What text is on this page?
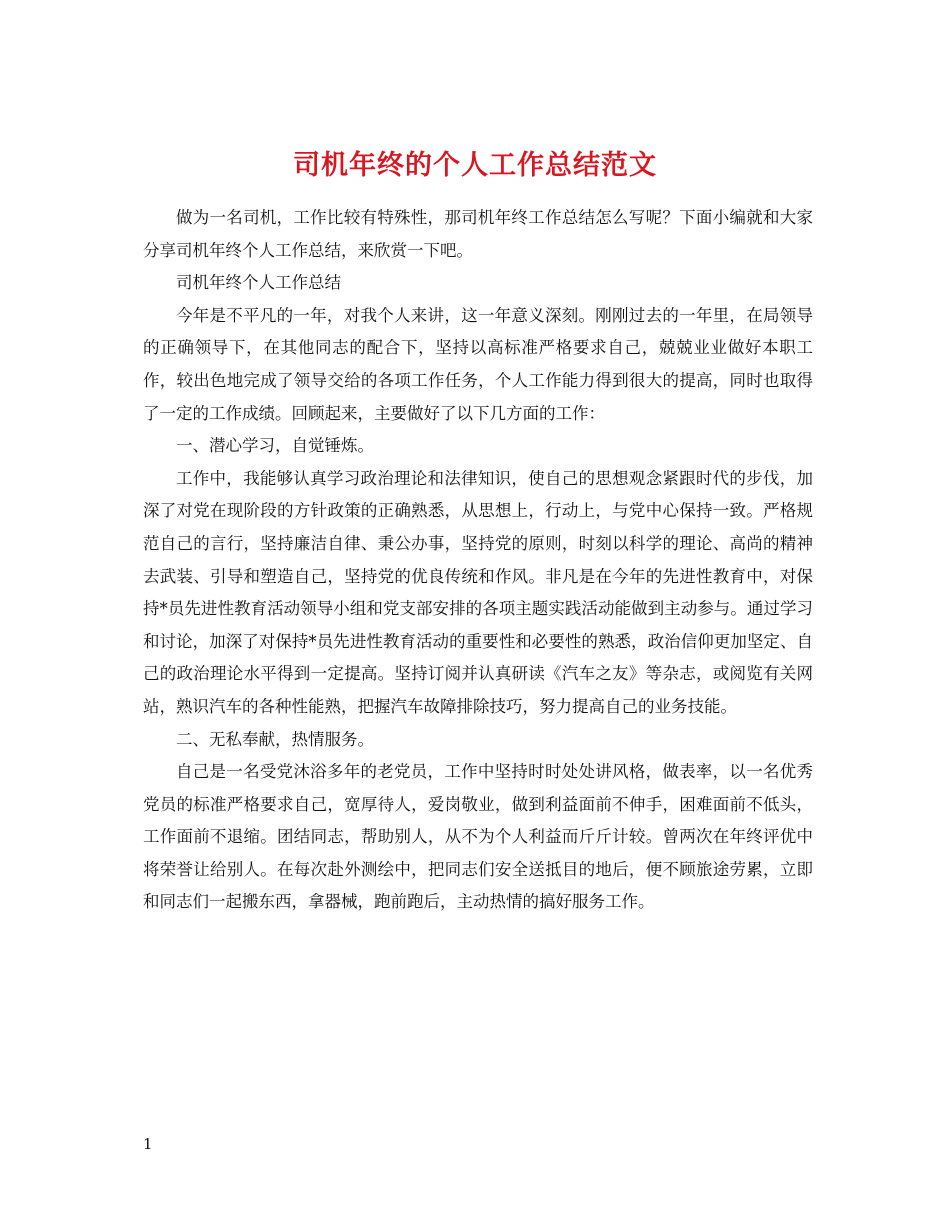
司机年终的个人工作总结范文

做为一名司机，工作比较有特殊性，那司机年终工作总结怎么写呢？下面小编就和大家分享司机年终个人工作总结，来欣赏一下吧。

司机年终个人工作总结

今年是不平凡的一年，对我个人来讲，这一年意义深刻。刚刚过去的一年里，在局领导的正确领导下，在其他同志的配合下，坚持以高标准严格要求自己，兢兢业业做好本职工作，较出色地完成了领导交给的各项工作任务，个人工作能力得到很大的提高，同时也取得了一定的工作成绩。回顾起来，主要做好了以下几方面的工作：

一、潜心学习，自觉锤炼。

工作中，我能够认真学习政治理论和法律知识，使自己的思想观念紧跟时代的步伐，加深了对党在现阶段的方针政策的正确熟悉，从思想上，行动上，与党中心保持一致。严格规范自己的言行，坚持廉洁自律、秉公办事，坚持党的原则，时刻以科学的理论、高尚的精神去武装、引导和塑造自己，坚持党的优良传统和作风。非凡是在今年的先进性教育中，对保持*员先进性教育活动领导小组和党支部安排的各项主题实践活动能做到主动参与。通过学习和讨论，加深了对保持*员先进性教育活动的重要性和必要性的熟悉，政治信仰更加坚定、自己的政治理论水平得到一定提高。坚持订阅并认真研读《汽车之友》等杂志，或阅览有关网站，熟识汽车的各种性能熟，把握汽车故障排除技巧，努力提高自己的业务技能。

二、无私奉献，热情服务。

自己是一名受党沐浴多年的老党员，工作中坚持时时处处讲风格，做表率，以一名优秀党员的标准严格要求自己，宽厚待人，爱岗敬业，做到利益面前不伸手，困难面前不低头，工作面前不退缩。团结同志，帮助别人，从不为个人利益而斤斤计较。曾两次在年终评优中将荣誉让给别人。在每次赴外测绘中，把同志们安全送抵目的地后，便不顾旅途劳累，立即和同志们一起搬东西，拿器械，跑前跑后，主动热情的搞好服务工作。

1
